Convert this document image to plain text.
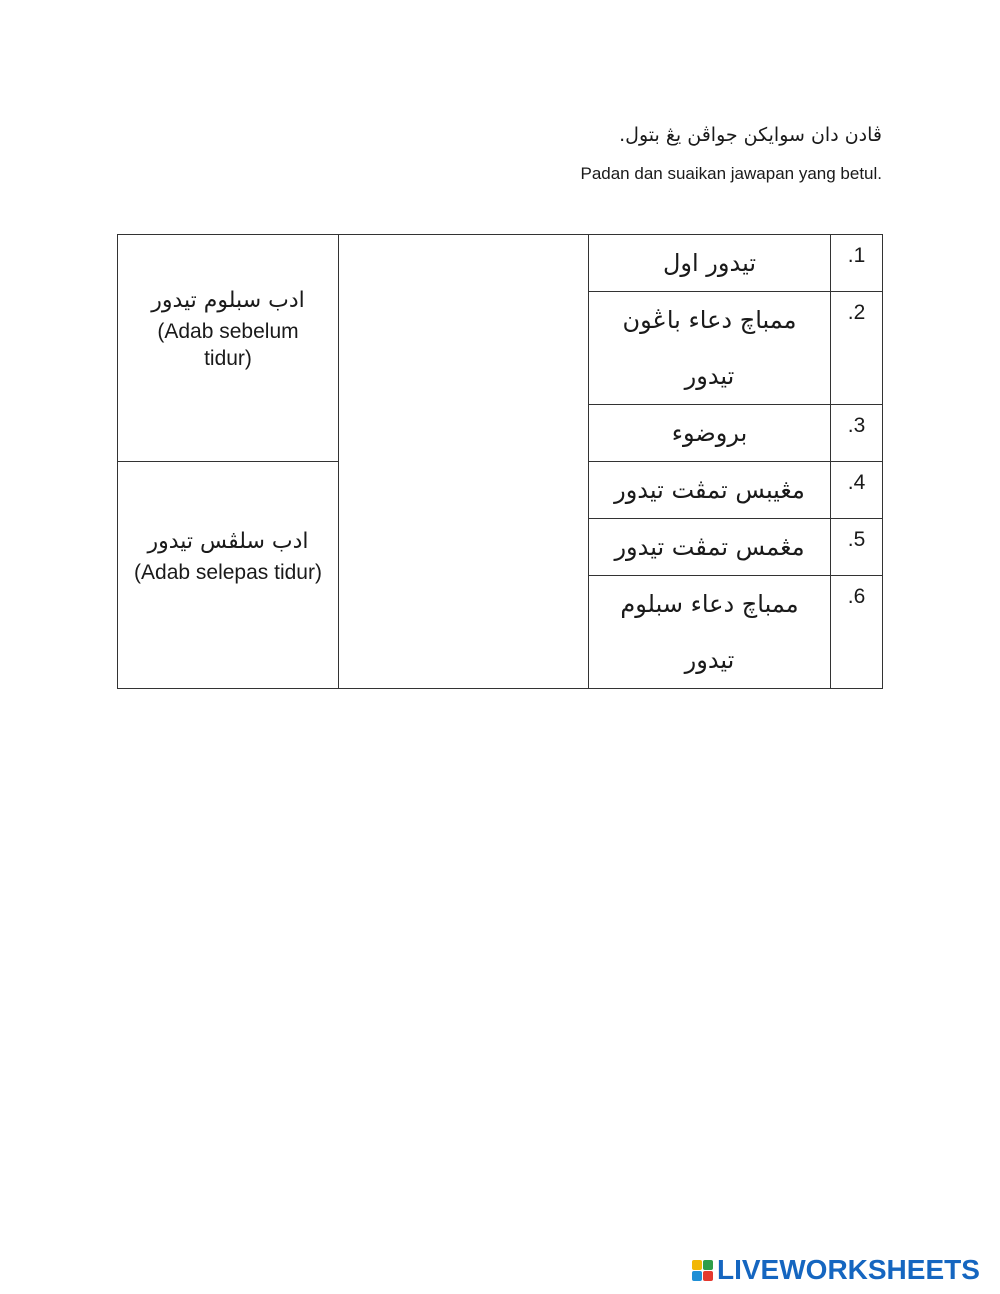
ڤادن دان سوايکن جواڤن يڠ بتول.
Padan dan suaikan jawapan yang betul.
ادب سبلوم تيدور
(Adab sebelum tidur)		تيدور اول	.1
		ممباچ دعاء باڠون تيدور	.2
		بروضوء	.3

ادب سلڤس تيدور
(Adab selepas tidur)		مڠيبس تمڤت تيدور	.4
		مڠمس تمڤت تيدور	.5
		ممباچ دعاء سبلوم تيدور	.6
LIVEWORKSHEETS
